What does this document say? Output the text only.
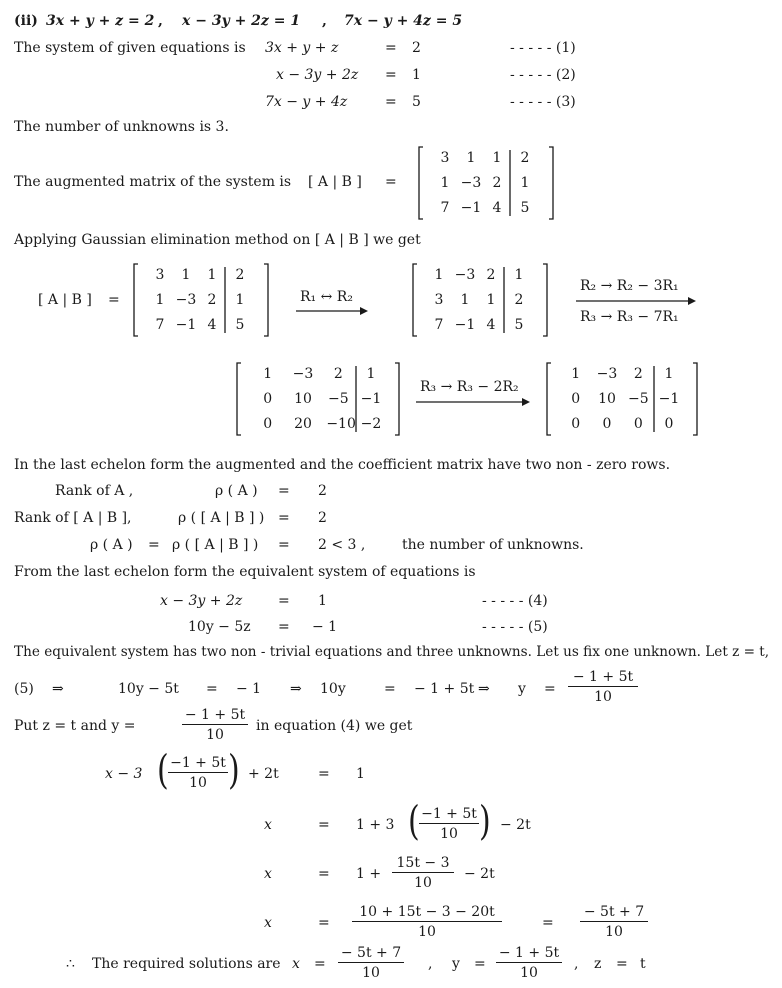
(ii) 3x + y + z = 2 , x − 3y + 2z = 1 , 7x − y + 4z = 5
The system of given equations is 3x + y + z	= 2	- - - - - (1)
x − 3y + 2z = 1	- - - - - (2)
7x − y + 4z	= 5	- - - - - (3)
The number of unknowns is 3.
The augmented matrix of the system is [ A | B ] =
3	1	1	2
1 −3 2	1
7 −1 4	5
Applying Gaussian elimination method on [ A | B ] we get
[ A | B ] =
3	1	1	2
1 −3 2	1
7 −1 4	5
R₁ ↔ R₂
1 −3 2	1
3	1	1	2
7 −1 4	5
R₂ → R₂ − 3R₁
R₃ → R₃ − 7R₁
1	−3	2	1
0	10 −5 −1
0	20 −10 −2
R₃ → R₃ − 2R₂
1	−3	2	1
0	10 −5 −1
0	0	0	0
In the last echelon form the augmented and the coefficient matrix have two non - zero rows.
Rank of A ,	ρ ( A ) = 2
Rank of [ A | B ],	ρ ( [ A | B ] ) = 2
ρ ( A ) = ρ ( [ A | B ] ) = 2 < 3 ,	the number of unknowns.
From the last echelon form the equivalent system of equations is
x − 3y + 2z	= 1	- - - - - (4)
10y − 5z = − 1	- - - - - (5)
The equivalent system has two non - trivial equations and three unknowns. Let us fix one unknown. Let z = t,
(5) ⇒	10y − 5t = − 1 ⇒ 10y	= − 1 + 5t ⇒ $y = \frac{- 1 + 5t}{10}$
Put z = t and y =	$\frac{- 1 + 5t}{10}$ in equation (4) we get
x − 3 ( $\frac{-1 + 5t}{10}$ ) + 2t	= 1
x	= 1 + 3 ( $\frac{-1 + 5t}{10}$ ) − 2t
x	= $1 + \frac{15t - 3}{10} - 2t$
x	= $\frac{10 + 15t - 3 - 20t}{10}$	= $\frac{- 5t + 7}{10}$
∴ The required solutions are $x = \frac{- 5t + 7}{10}$ , $y = \frac{- 1 + 5t}{10}$ , z = t
